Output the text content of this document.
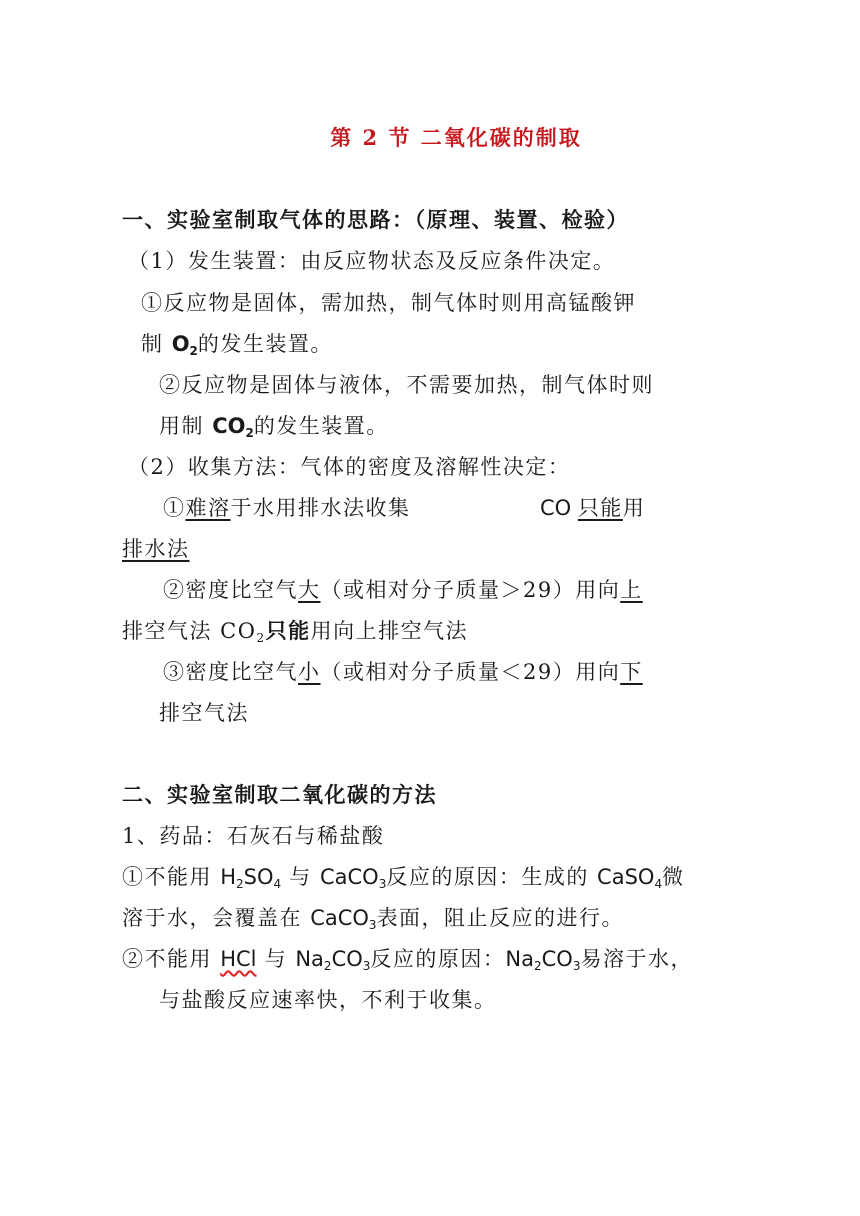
第 2 节 二氧化碳的制取
一、实验室制取气体的思路：（原理、装置、检验）
（1）发生装置：由反应物状态及反应条件决定。
①反应物是固体，需加热，制气体时则用高锰酸钾
制 $O_2$的发生装置。
②反应物是固体与液体，不需要加热，制气体时则
用制 $CO_2$的发生装置。
（2）收集方法：气体的密度及溶解性决定：
①难溶于水用排水法收集	CO 只能用
排水法
②密度比空气大（或相对分子质量＞29）用向上
排空气法 $CO_2$只能用向上排空气法
③密度比空气小（或相对分子质量＜29）用向下
排空气法
二、实验室制取二氧化碳的方法
1、药品：石灰石与稀盐酸
①不能用 $H_2SO_4$ 与 CaCO$_3$反应的原因：生成的 CaSO$_4$微
溶于水，会覆盖在 CaCO$_3$表面，阻止反应的进行。
②不能用 HCl 与 $Na_2CO_3$反应的原因：$Na_2CO_3$易溶于水，
与盐酸反应速率快，不利于收集。
